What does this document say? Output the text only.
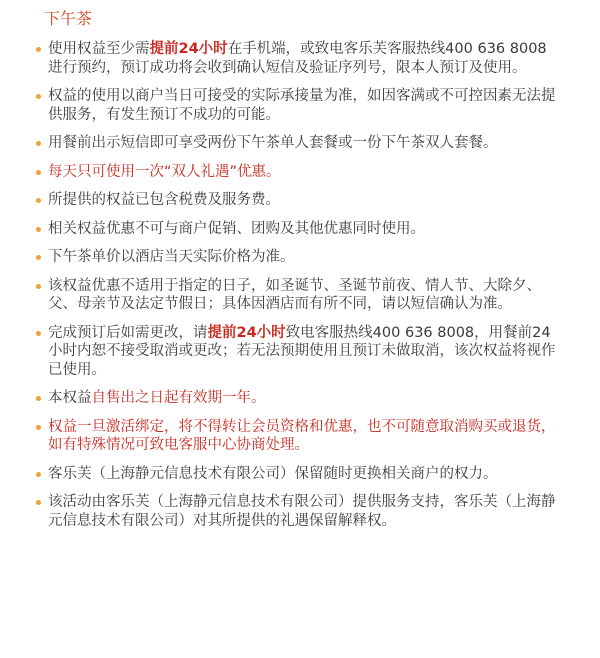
下午茶
使用权益至少需提前24小时在手机端，或致电客乐芙客服热线400 636 8008进行预约，预订成功将会收到确认短信及验证序列号，限本人预订及使用。
权益的使用以商户当日可接受的实际承接量为准，如因客满或不可控因素无法提供服务，有发生预订不成功的可能。
用餐前出示短信即可享受两份下午茶单人套餐或一份下午茶双人套餐。
每天只可使用一次“双人礼遇”优惠。
所提供的权益已包含税费及服务费。
相关权益优惠不可与商户促销、团购及其他优惠同时使用。
下午茶单价以酒店当天实际价格为准。
该权益优惠不适用于指定的日子，如圣诞节、圣诞节前夜、情人节、大除夕、父、母亲节及法定节假日；具体因酒店而有所不同，请以短信确认为准。
完成预订后如需更改，请提前24小时致电客服热线400 636 8008，用餐前24小时内恕不接受取消或更改；若无法预期使用且预订未做取消，该次权益将视作已使用。
本权益自售出之日起有效期一年。
权益一旦激活绑定，将不得转让会员资格和优惠，也不可随意取消购买或退货，如有特殊情况可致电客服中心协商处理。
客乐芙（上海静元信息技术有限公司）保留随时更换相关商户的权力。
该活动由客乐芙（上海静元信息技术有限公司）提供服务支持，客乐芙（上海静元信息技术有限公司）对其所提供的礼遇保留解释权。
